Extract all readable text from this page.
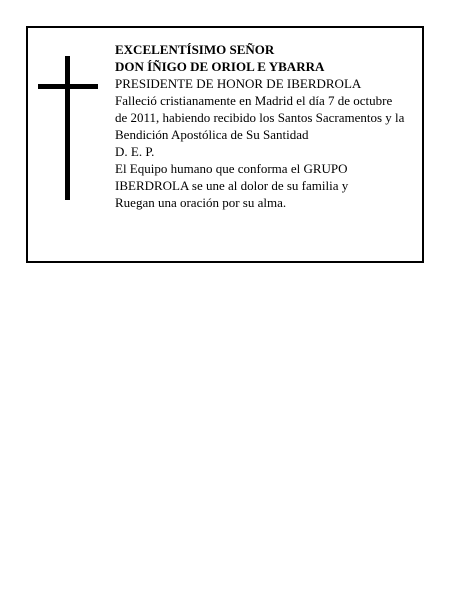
EXCELENTÍSIMO SEÑOR
DON ÍÑIGO DE ORIOL E YBARRA
PRESIDENTE DE HONOR DE IBERDROLA
Falleció cristianamente en Madrid el día 7 de octubre
de 2011, habiendo recibido los Santos Sacramentos y la
Bendición Apostólica de Su Santidad
D. E. P.
El Equipo humano que conforma el GRUPO
IBERDROLA se une al dolor de su familia y
Ruegan una oración por su alma.
